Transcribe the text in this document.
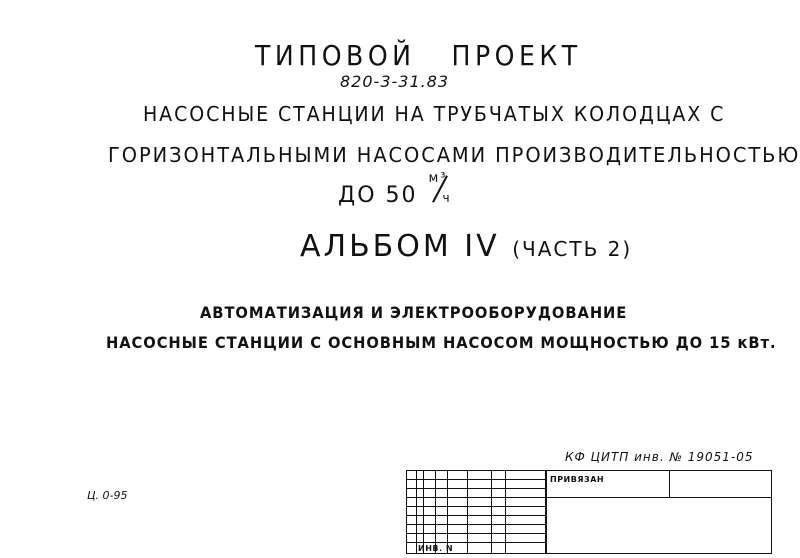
ТИПОВОЙ ПРОЕКТ
820-3-31.83
НАСОСНЫЕ СТАНЦИИ НА ТРУБЧАТЫХ КОЛОДЦАХ С
ГОРИЗОНТАЛЬНЫМИ НАСОСАМИ ПРОИЗВОДИТЕЛЬНОСТЬЮ
ДО 50
м³
ч
АЛЬБОМ IV (ЧАСТЬ 2)
АВТОМАТИЗАЦИЯ И ЭЛЕКТРООБОРУДОВАНИЕ
НАСОСНЫЕ СТАНЦИИ С ОСНОВНЫМ НАСОСОМ МОЩНОСТЬЮ ДО 15 кВт.
КФ ЦИТП инв. № 19051-05
Ц. 0-95
ПРИВЯЗАН
ИНВ. N
